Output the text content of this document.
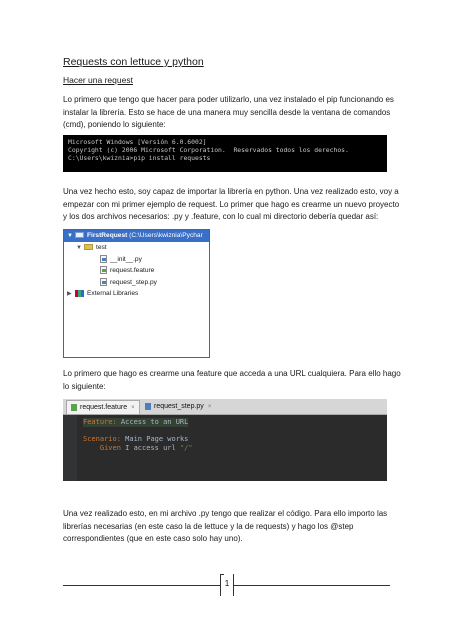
Requests con lettuce y python
Hacer una request
Lo primero que tengo que hacer para poder utilizarlo, una vez instalado el pip funcionando es
instalar la librería. Esto se hace de una manera muy sencilla desde la ventana de comandos
(cmd), poniendo lo siguiente:
Microsoft Windows [Versión 6.0.6002]
Copyright (c) 2006 Microsoft Corporation.  Reservados todos los derechos.
C:\Users\kwiznia>pip install requests
Una vez hecho esto, soy capaz de importar la librería en python. Una vez realizado esto, voy a
empezar con mi primer ejemplo de request. Lo primer que hago es crearme un nuevo proyecto
y los dos archivos necesarios: .py y .feature, con lo cual mi directorio debería quedar así:
▼ FirstRequest (C:\Users\kwiznia\Pychar
▼ test
__init__.py
request.feature
request_step.py
▶ External Libraries
Lo primero que hago es crearme una feature que acceda a una URL cualquiera. Para ello hago
lo siguiente:
request.feature ×	request_step.py ×
Feature: Access to an URL

Scenario: Main Page works
Given I access url "/"
Una vez realizado esto, en mi archivo .py tengo que realizar el código. Para ello importo las
librerías necesarias (en este caso la de lettuce y la de requests) y hago los @step
correspondientes (que en este caso solo hay uno).
1
